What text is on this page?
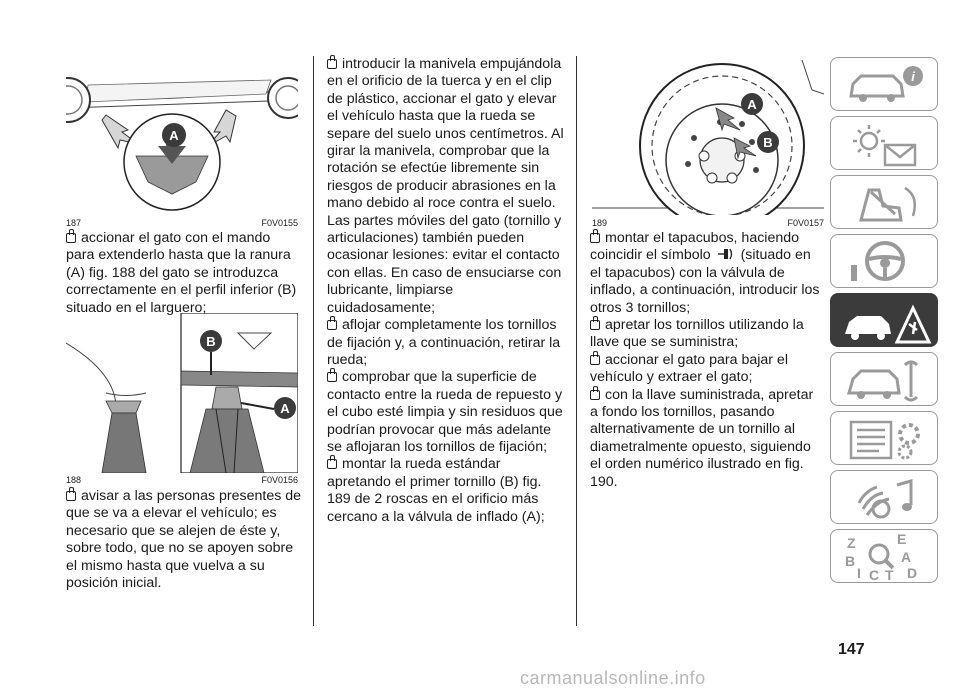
A
187	F0V0155
B
A
188	F0V0156
A
B
189	F0V0157

accionar el gato con el mando para extenderlo hasta que la ranura (A) fig. 188 del gato se introduzca correctamente en el perfil inferior (B) situado en el larguero;

avisar a las personas presentes de que se va a elevar el vehículo; es necesario que se alejen de éste y, sobre todo, que no se apoyen sobre el mismo hasta que vuelva a su posición inicial.

introducir la manivela empujándola en el orificio de la tuerca y en el clip de plástico, accionar el gato y elevar el vehículo hasta que la rueda se separe del suelo unos centímetros. Al girar la manivela, comprobar que la rotación se efectúe libremente sin riesgos de producir abrasiones en la mano debido al roce contra el suelo. Las partes móviles del gato (tornillo y articulaciones) también pueden ocasionar lesiones: evitar el contacto con ellas. En caso de ensuciarse con lubricante, limpiarse cuidadosamente;

aflojar completamente los tornillos de fijación y, a continuación, retirar la rueda;

comprobar que la superficie de contacto entre la rueda de repuesto y el cubo esté limpia y sin residuos que podrían provocar que más adelante se aflojaran los tornillos de fijación;

montar la rueda estándar apretando el primer tornillo (B) fig. 189 de 2 roscas en el orificio más cercano a la válvula de inflado (A);

montar el tapacubos, haciendo coincidir el símbolo (situado en el tapacubos) con la válvula de inflado, a continuación, introducir los otros 3 tornillos;

apretar los tornillos utilizando la llave que se suministra;

accionar el gato para bajar el vehículo y extraer el gato;

con la llave suministrada, apretar a fondo los tornillos, pasando alternativamente de un tornillo al diametralmente opuesto, siguiendo el orden numérico ilustrado en fig. 190.

i
Z	E
B	A
I C T D
147
carmanualsonline.info
